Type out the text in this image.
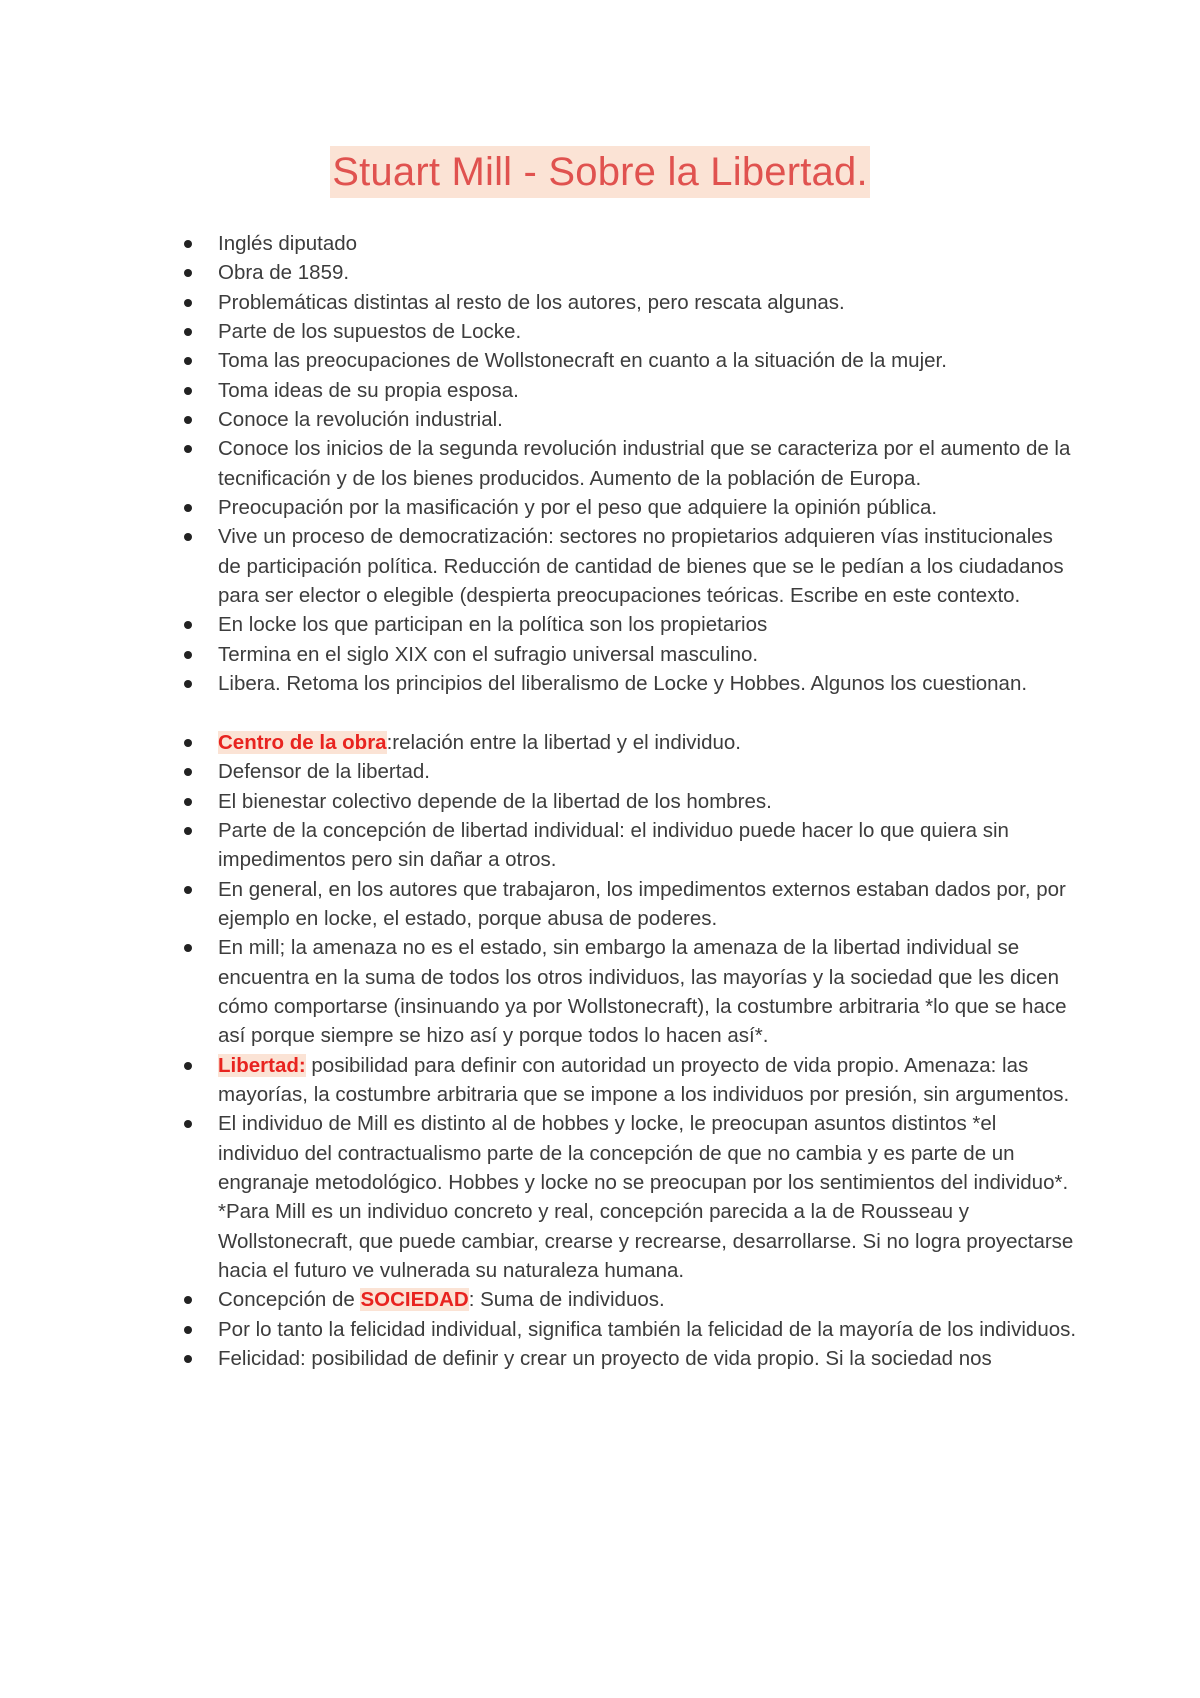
Stuart Mill - Sobre la Libertad.
Inglés diputado
Obra de 1859.
Problemáticas distintas al resto de los autores, pero rescata algunas.
Parte de los supuestos de Locke.
Toma las preocupaciones de Wollstonecraft en cuanto a la situación de la mujer.
Toma ideas de su propia esposa.
Conoce la revolución industrial.
Conoce los inicios de la segunda revolución industrial que se caracteriza por el aumento de la tecnificación y de los bienes producidos. Aumento de la población de Europa.
Preocupación por la masificación y por el peso que adquiere la opinión pública.
Vive un proceso de democratización: sectores no propietarios adquieren vías institucionales de participación política. Reducción de cantidad de bienes que se le pedían a los ciudadanos para ser elector o elegible (despierta preocupaciones teóricas. Escribe en este contexto.
En locke los que participan en la política son los propietarios
Termina en el siglo XIX con el sufragio universal masculino.
Libera. Retoma los principios del liberalismo de Locke y Hobbes. Algunos los cuestionan.
Centro de la obra:relación entre la libertad y el individuo.
Defensor de la libertad.
El bienestar colectivo depende de la libertad de los hombres.
Parte de la concepción de libertad individual: el individuo puede hacer lo que quiera sin impedimentos pero sin dañar a otros.
En general, en los autores que trabajaron, los impedimentos externos estaban dados por, por ejemplo en locke, el estado, porque abusa de poderes.
En mill; la amenaza no es el estado, sin embargo la amenaza de la libertad individual se encuentra en la suma de todos los otros individuos, las mayorías y la sociedad que les dicen cómo comportarse (insinuando ya por Wollstonecraft), la costumbre arbitraria *lo que se hace así porque siempre se hizo así y porque todos lo hacen así*.
Libertad: posibilidad para definir con autoridad un proyecto de vida propio. Amenaza: las mayorías, la costumbre arbitraria que se impone a los individuos por presión, sin argumentos.
El individuo de Mill es distinto al de hobbes y locke, le preocupan asuntos distintos *el individuo del contractualismo parte de la concepción de que no cambia y es parte de un engranaje metodológico. Hobbes y locke no se preocupan por los sentimientos del individuo*. *Para Mill es un individuo concreto y real, concepción parecida a la de Rousseau y Wollstonecraft, que puede cambiar, crearse y recrearse, desarrollarse. Si no logra proyectarse hacia el futuro ve vulnerada su naturaleza humana.
Concepción de SOCIEDAD: Suma de individuos.
Por lo tanto la felicidad individual, significa también la felicidad de la mayoría de los individuos.
Felicidad: posibilidad de definir y crear un proyecto de vida propio. Si la sociedad nos
